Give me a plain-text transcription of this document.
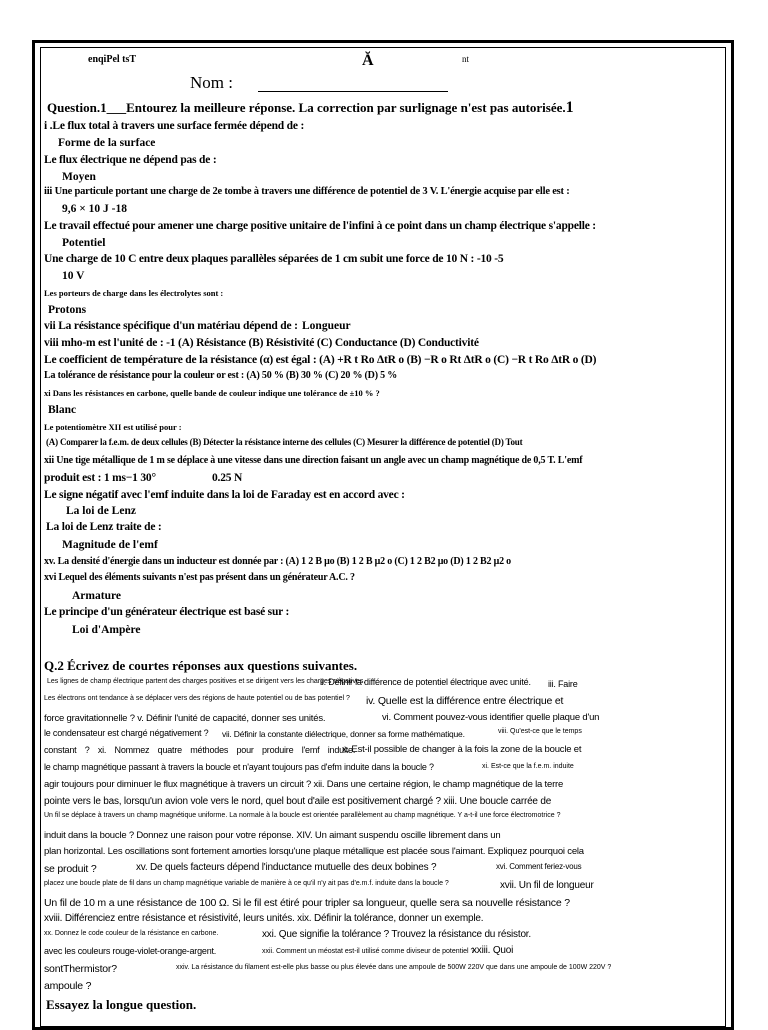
enqiPel tsT	Ă	nt
Nom :
Question.1___Entourez la meilleure réponse. La correction par surlignage n'est pas autorisée.1
i .Le flux total à travers une surface fermée dépend de :
Forme de la surface
Le flux électrique ne dépend pas de :
Moyen
iii Une particule portant une charge de 2e tombe à travers une différence de potentiel de 3 V. L'énergie acquise par elle est :
9,6 × 10 J -18
Le travail effectué pour amener une charge positive unitaire de l'infini à ce point dans un champ électrique s'appelle :
Potentiel
Une charge de 10 C entre deux plaques parallèles séparées de 1 cm subit une force de 10 N : -10 -5
10 V
Les porteurs de charge dans les électrolytes sont :
Protons
vii La résistance spécifique d'un matériau dépend de : Longueur
viii mho-m est l'unité de : -1 (A) Résistance (B) Résistivité (C) Conductance (D) Conductivité
Le coefficient de température de la résistance (α) est égal : (A) +R t Ro ΔtR o (B) −R o Rt ΔtR o (C) −R t Ro ΔtR o (D)
La tolérance de résistance pour la couleur or est : (A) 50 % (B) 30 % (C) 20 % (D) 5 %
xi Dans les résistances en carbone, quelle bande de couleur indique une tolérance de ±10 % ?
Blanc
Le potentiomètre XII est utilisé pour :
(A) Comparer la f.e.m. de deux cellules (B) Détecter la résistance interne des cellules (C) Mesurer la différence de potentiel (D) Tout
xii Une tige métallique de 1 m se déplace à une vitesse dans une direction faisant un angle avec un champ magnétique de 0,5 T. L'emf
produit est : 1 ms−1 30°	0.25 N
Le signe négatif avec l'emf induite dans la loi de Faraday est en accord avec :
La loi de Lenz
La loi de Lenz traite de :
Magnitude de l'emf
xv. La densité d'énergie dans un inducteur est donnée par : (A) 1 2 B μo (B) 1 2 B μ2 o (C) 1 2 B2 μo (D) 1 2 B2 μ2 o
xvi Lequel des éléments suivants n'est pas présent dans un générateur A.C. ?
Armature
Le principe d'un générateur électrique est basé sur :
Loi d'Ampère
Q.2 Écrivez de courtes réponses aux questions suivantes.
Les lignes de champ électrique partent des charges positives et se dirigent vers les charges négatives.
ii. Définir la différence de potentiel électrique avec unité. iii. Faire
Les électrons ont tendance à se déplacer vers des régions de haute potentiel ou de bas potentiel ? iv. Quelle est la différence entre électrique et
force gravitationnelle ? v. Définir l'unité de capacité, donner ses unités.	vi. Comment pouvez-vous identifier quelle plaque d'un
le condensateur est chargé négativement ? vii. Définir la constante diélectrique, donner sa forme mathématique.	viii. Qu'est-ce que le temps
constant ? xi. Nommez quatre méthodes pour produire l'emf induite.
x. Est-il possible de changer à la fois la zone de la boucle et
le champ magnétique passant à travers la boucle et n'ayant toujours pas d'efm induite dans la boucle ?	xi. Est-ce que la f.e.m. induite
agir toujours pour diminuer le flux magnétique à travers un circuit ? xii. Dans une certaine région, le champ magnétique de la terre
pointe vers le bas, lorsqu'un avion vole vers le nord, quel bout d'aile est positivement chargé ? xiii. Une boucle carrée de
Un fil se déplace à travers un champ magnétique uniforme. La normale à la boucle est orientée parallèlement au champ magnétique. Y a-t-il une force électromotrice ?
induit dans la boucle ? Donnez une raison pour votre réponse. XIV. Un aimant suspendu oscille librement dans un
plan horizontal. Les oscillations sont fortement amorties lorsqu'une plaque métallique est placée sous l'aimant. Expliquez pourquoi cela
se produit ?	xv. De quels facteurs dépend l'inductance mutuelle des deux bobines ?	xvi. Comment feriez-vous
placez une boucle plate de fil dans un champ magnétique variable de manière à ce qu'il n'y ait pas d'e.m.f. induite dans la boucle ?	xvii. Un fil de longueur
Un fil de 10 m a une résistance de 100 Ω. Si le fil est étiré pour tripler sa longueur, quelle sera sa nouvelle résistance ?
xviii. Différenciez entre résistance et résistivité, leurs unités. xix. Définir la tolérance, donner un exemple.
xx. Donnez le code couleur de la résistance en carbone.	xxi. Que signifie la tolérance ? Trouvez la résistance du résistor.
avec les couleurs rouge-violet-orange-argent.	xxii. Comment un méostat est-il utilisé comme diviseur de potentiel ?
xxiii. Quoi
sontThermistor?	xxiv. La résistance du filament est-elle plus basse ou plus élevée dans une ampoule de 500W 220V que dans une ampoule de 100W 220V ?
ampoule ?
Essayez la longue question.
